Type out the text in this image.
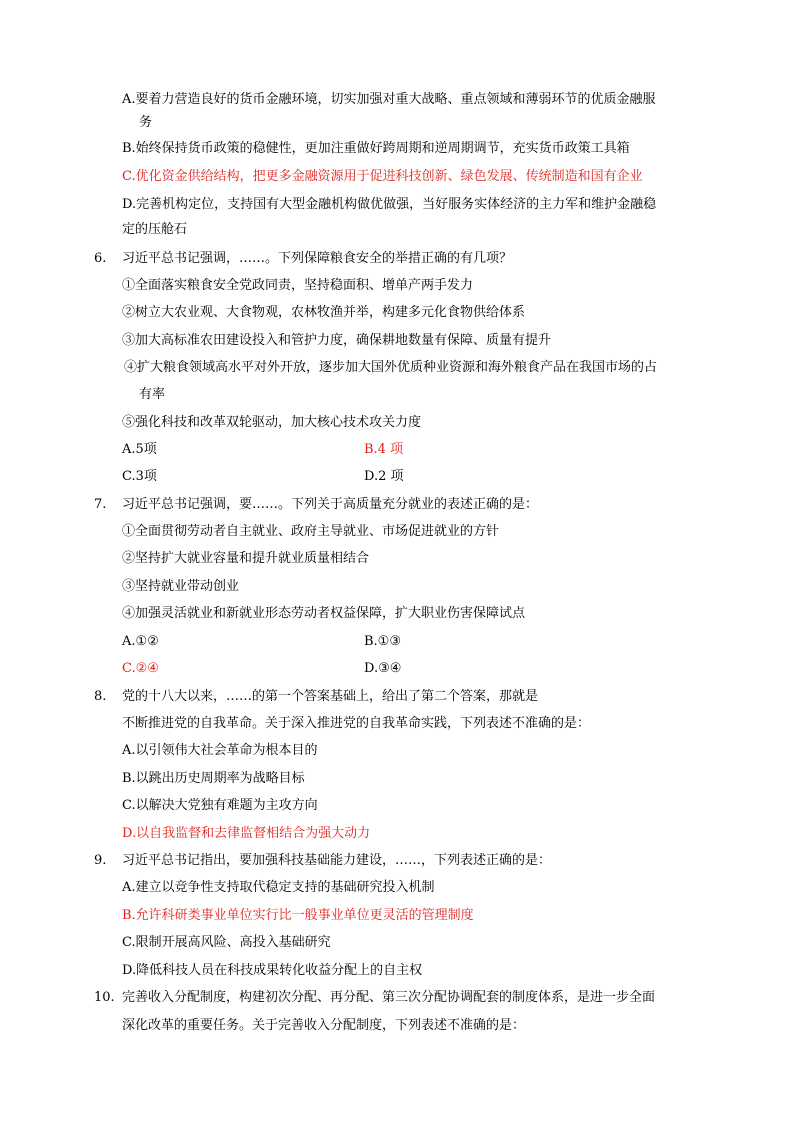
A.要着力营造良好的货币金融环境，切实加强对重大战略、重点领域和薄弱环节的优质金融服
务
B.始终保持货币政策的稳健性，更加注重做好跨周期和逆周期调节，充实货币政策工具箱
C.优化资金供给结构，把更多金融资源用于促进科技创新、绿色发展、传统制造和国有企业
D.完善机构定位，支持国有大型金融机构做优做强，当好服务实体经济的主力军和维护金融稳
定的压舱石
6. 习近平总书记强调，……。下列保障粮食安全的举措正确的有几项？
①全面落实粮食安全党政同责，坚持稳面积、增单产两手发力
②树立大农业观、大食物观，农林牧渔并举，构建多元化食物供给体系
③加大高标准农田建设投入和管护力度，确保耕地数量有保障、质量有提升
④扩大粮食领域高水平对外开放，逐步加大国外优质种业资源和海外粮食产品在我国市场的占
有率
⑤强化科技和改革双轮驱动，加大核心技术攻关力度
A.5项	B.4 项
C.3项	D.2 项
7. 习近平总书记强调，要……。下列关于高质量充分就业的表述正确的是：
①全面贯彻劳动者自主就业、政府主导就业、市场促进就业的方针
②坚持扩大就业容量和提升就业质量相结合
③坚持就业带动创业
④加强灵活就业和新就业形态劳动者权益保障，扩大职业伤害保障试点
A.①②	B.①③
C.②④	D.③④
8. 党的十八大以来，……的第一个答案基础上，给出了第二个答案，那就是
不断推进党的自我革命。关于深入推进党的自我革命实践，下列表述不准确的是：
A.以引领伟大社会革命为根本目的
B.以跳出历史周期率为战略目标
C.以解决大党独有难题为主攻方向
D.以自我监督和去律监督相结合为强大动力
9. 习近平总书记指出，要加强科技基础能力建设，……，下列表述正确的是：
A.建立以竞争性支持取代稳定支持的基础研究投入机制
B.允许科研类事业单位实行比一般事业单位更灵活的管理制度
C.限制开展高风险、高投入基础研究
D.降低科技人员在科技成果转化收益分配上的自主权
10. 完善收入分配制度，构建初次分配、再分配、第三次分配协调配套的制度体系，是进一步全面
深化改革的重要任务。关于完善收入分配制度，下列表述不准确的是：
